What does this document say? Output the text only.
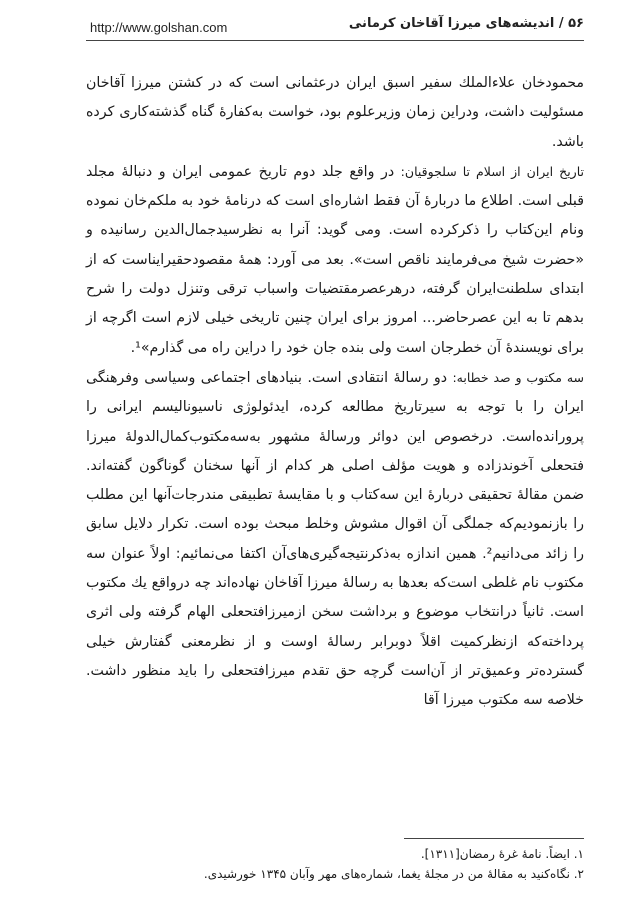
http://www.golshan.com	۵۶ / اندیشه‌های میرزا آقاخان کرمانی

محمودخان علاءالملك سفیر اسبق ایران درعثمانی است كه در كشتن میرزا آقاخان مسئولیت داشت، ودراین زمان وزیرعلوم بود، خواست به‌كفارهٔ گناه گذشته‌كاری كرده باشد.

تاریخ ایران از اسلام تا سلجوقیان: در واقع جلد دوم تاریخ عمومی ایران و دنبالهٔ مجلد قبلی است. اطلاع ما دربارهٔ آن فقط اشاره‌ای است كه درنامهٔ خود به ملكم‌خان نموده ونام این‌كتاب را ذكركرده است. ومی گوید: آنرا به نظرسید‌جمال‌الدین رسانیده و «حضرت شیخ می‌فرمایند ناقص است». بعد می آورد: همهٔ مقصودحقیرایناست كه از ابتدای سلطنت‌ایران گرفته، درهرعصرمقتضیات واسباب ترقی وتنزل دولت را شرح بدهم تا به این عصرحاضر... امروز برای ایران چنین تاریخی خیلی لازم است اگرچه از برای نویسندهٔ آن خطرجان است ولی بنده جان خود را دراین راه می گذارم»¹.

سه مكتوب و صد خطابه: دو رسالهٔ انتقادی است. بنیادهای اجتماعی وسیاسی وفرهنگی ایران را با توجه به سیرتاریخ مطالعه كرده، ایدئولوژی ناسیونالیسم ایرانی را پرورانده‌است. درخصوص این دوائر ورسالهٔ مشهور به‌سه‌مكتوب‌كمال‌الدولهٔ میرزا فتحعلی آخوندزاده و هویت مؤلف اصلی هر كدام از آنها سخنان گوناگون گفته‌اند. ضمن مقالهٔ تحقیقی دربارهٔ این سه‌كتاب و با مقایسهٔ تطبیقی مندرجات‌آنها این مطلب را بازنمودیم‌كه جملگی آن اقوال مشوش وخلط مبحث بوده است. تكرار دلایل سابق را زائد می‌دانیم². همین اندازه به‌ذكرنتیجه‌گیری‌های‌آن اكتفا می‌نمائیم: اولاً عنوان سه مكتوب نام غلطی است‌كه بعدها به رسالهٔ میرزا آقاخان نهاده‌اند چه درواقع یك مكتوب است. ثانیاً درانتخاب موضوع و برداشت سخن ازمیرزافتحعلی الهام گرفته ولی اثری پرداخته‌كه ازنظركمیت اقلاً دوبرابر رسالهٔ اوست و از نظرمعنی گفتارش خیلی گسترده‌تر وعمیق‌تر از آن‌است گرچه حق تقدم میرزافتحعلی را باید منظور داشت. خلاصه سه مكتوب میرزا آقا‌

۱. ایضاً. نامهٔ غرهٔ رمضان[۱۳۱۱].

۲. نگاه‌كنید به مقالهٔ من در مجلهٔ یغما، شماره‌های مهر وآبان ۱۳۴۵ خورشیدی.
